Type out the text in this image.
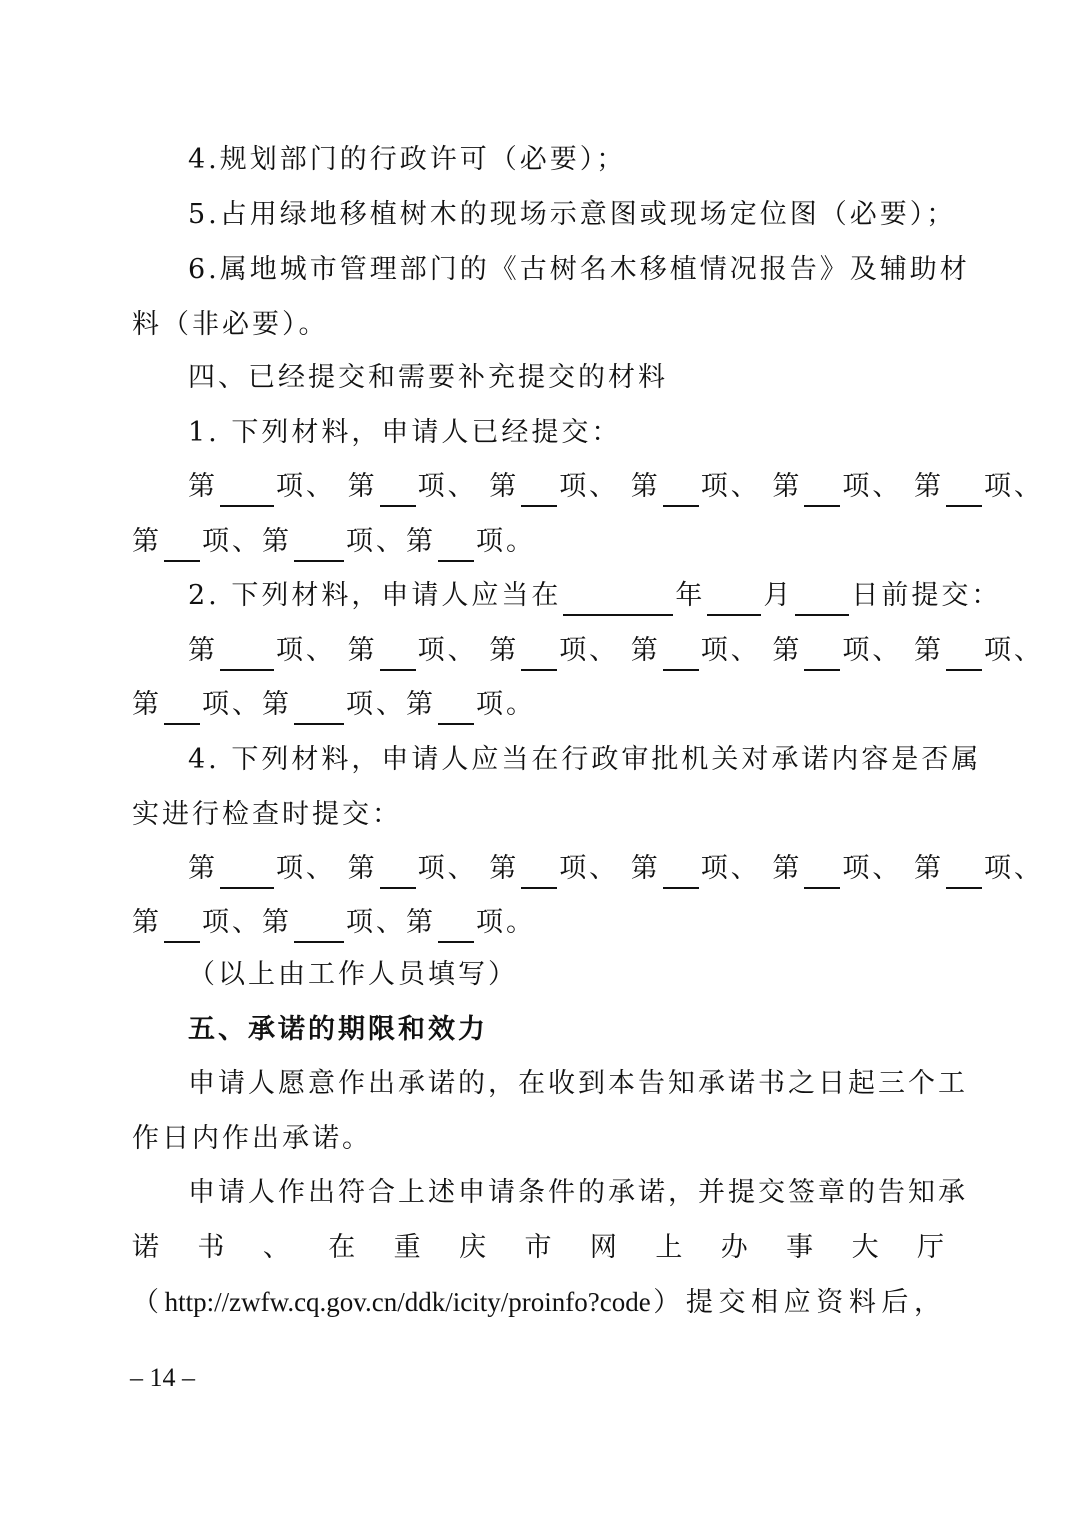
4.规划部门的行政许可（必要）；
5.占用绿地移植树木的现场示意图或现场定位图（必要）；
6.属地城市管理部门的《古树名木移植情况报告》及辅助材
料（非必要）。
四、已经提交和需要补充提交的材料
1. 下列材料，申请人已经提交：
第 项、 第 项、 第 项、 第 项、 第 项、 第 项、
第 项、第 项、第 项。
2. 下列材料，申请人应当在	年 月 日前提交：
第 项、 第 项、 第 项、 第 项、 第 项、 第 项、
第 项、第 项、第 项。
4. 下列材料，申请人应当在行政审批机关对承诺内容是否属
实进行检查时提交：
第 项、 第 项、 第 项、 第 项、 第 项、 第 项、
第 项、第 项、第 项。
（以上由工作人员填写）
五、承诺的期限和效力
申请人愿意作出承诺的，在收到本告知承诺书之日起三个工
作日内作出承诺。
申请人作出符合上述申请条件的承诺，并提交签章的告知承
诺书、在重庆市网上办事大厅
（http://zwfw.cq.gov.cn/ddk/icity/proinfo?code）提交相应资料后，
– 14 –
